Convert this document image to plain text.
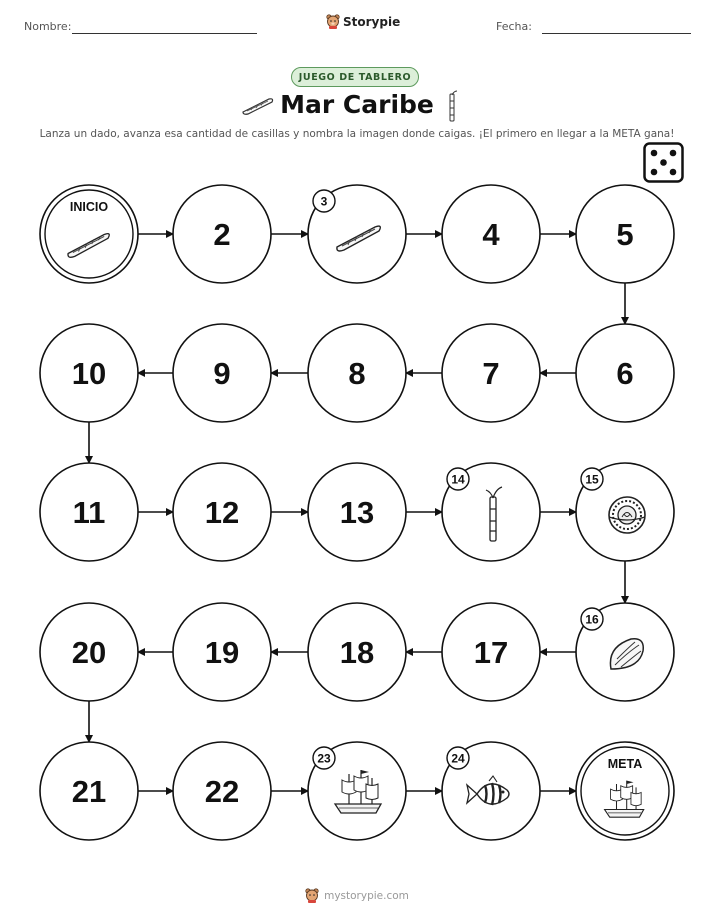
Nombre:	Storypie	Fecha:
JUEGO DE TABLERO
Mar Caribe
Lanza un dado, avanza esa cantidad de casillas y nombra la imagen donde caigas. ¡El primero en llegar a la META gana!
INICIO
2
3
4	5
6
7
8
9
10
11	12	13
14	15
16
17
18
19
20
21	22
23	24	META
mystorypie.com
